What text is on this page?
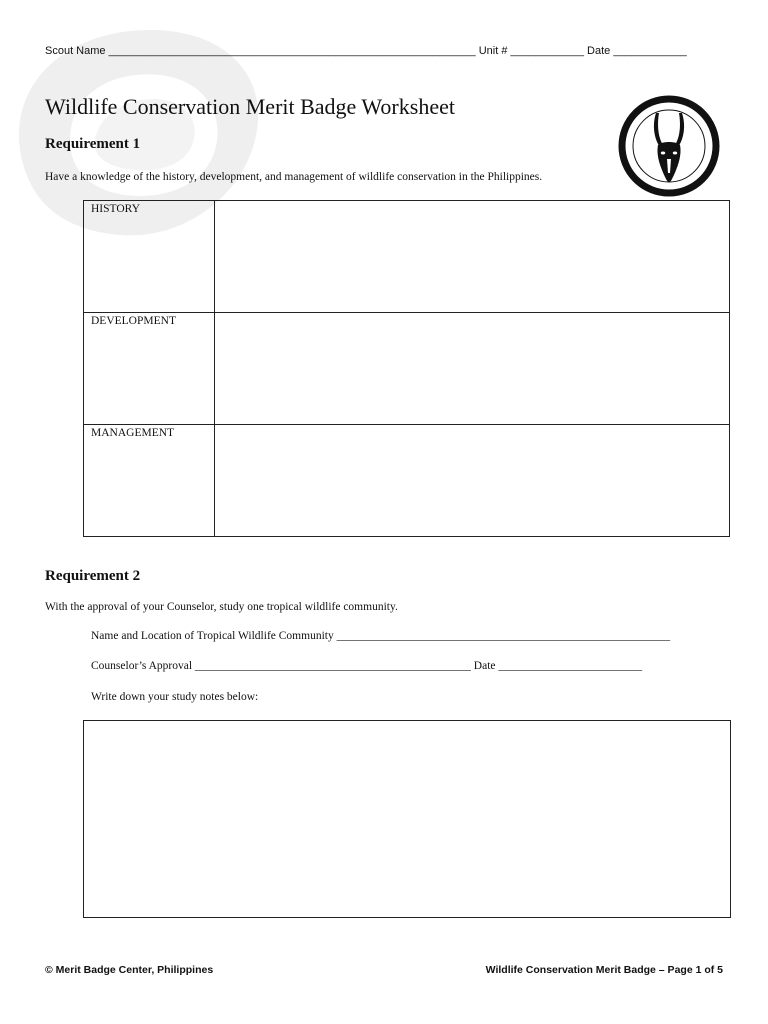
Scout Name ____________________________________________________________ Unit # ____________ Date ____________
Wildlife Conservation Merit Badge Worksheet
Requirement 1
Have a knowledge of the history, development, and management of wildlife conservation in the Philippines.
HISTORY	
DEVELOPMENT	
MANAGEMENT	
Requirement 2
With the approval of your Counselor, study one tropical wildlife community.
Name and Location of Tropical Wildlife Community __________________________________________________________
Counselor’s Approval ________________________________________________ Date _________________________
Write down your study notes below:
© Merit Badge Center, Philippines	Wildlife Conservation Merit Badge – Page 1 of 5
